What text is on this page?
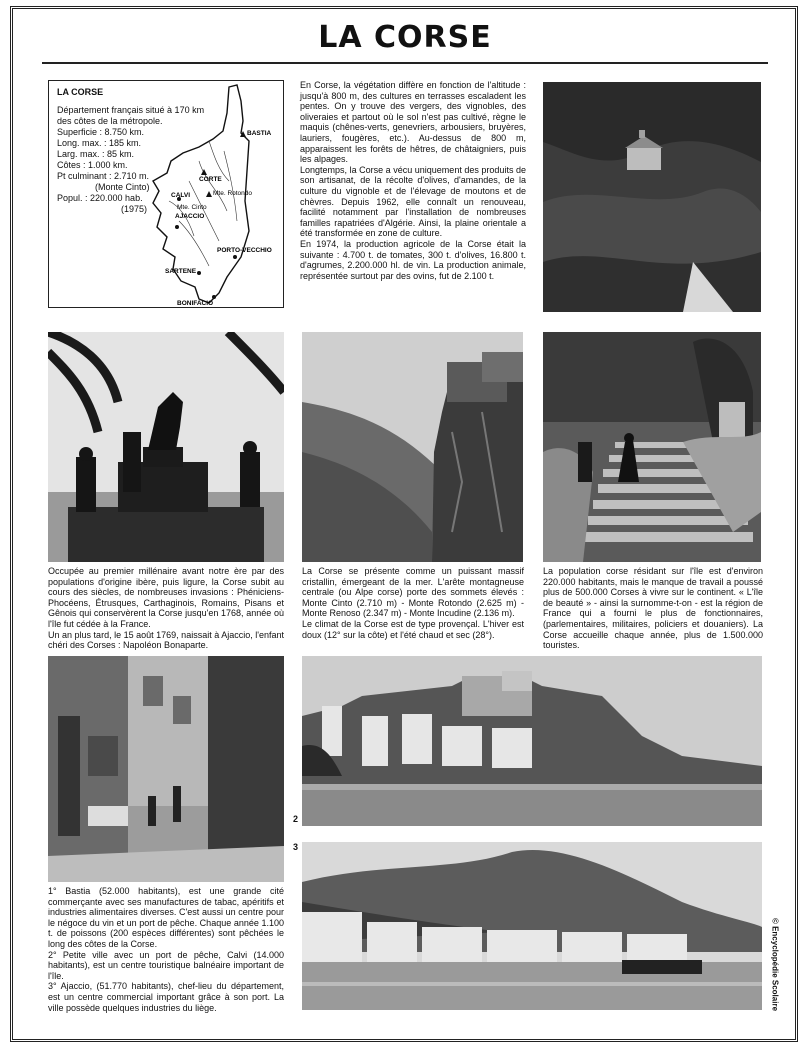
LA CORSE
BASTIA
CALVI
Mte. Cinto
CORTE
Mte. Rotondo
AJACCIO
PORTO-VECCHIO
SARTENE
BONIFACIO
LA CORSE
Département français situé à 170 km
des côtes de la métropole.
Superficie : 8.750 km.
Long. max. : 185 km.
Larg. max. : 85 km.
Côtes : 1.000 km.
Pt culminant : 2.710 m.
(Monte Cinto)
Popul. : 220.000 hab.
(1975)

En Corse, la végétation diffère en fonction de l'altitude : jusqu'à 800 m, des cultures en terrasses escaladent les pentes. On y trouve des vergers, des vignobles, des oliveraies et partout où le sol n'est pas cultivé, règne le maquis (chênes-verts, genevriers, arbousiers, bruyères, lauriers, fougères, etc.). Au-dessus de 800 m, apparaissent les forêts de hêtres, de châtaigniers, puis les alpages.

Longtemps, la Corse a vécu uniquement des produits de son artisanat, de la récolte d'olives, d'amandes, de la culture du vignoble et de l'élevage de moutons et de chèvres. Depuis 1962, elle connaît un renouveau, facilité notamment par l'installation de nombreuses familles rapatriées d'Algérie. Ainsi, la plaine orientale a été transformée en zone de culture.

En 1974, la production agricole de la Corse était la suivante : 4.700 t. de tomates, 300 t. d'olives, 16.800 t. d'agrumes, 2.200.000 hl. de vin. La production animale, représentée surtout par des ovins, fut de 2.100 t.

Occupée au premier millénaire avant notre ère par des populations d'origine ibère, puis ligure, la Corse subit au cours des siècles, de nombreuses invasions : Phéniciens-Phocéens, Étrusques, Carthaginois, Romains, Pisans et Gênois qui conservèrent la Corse jusqu'en 1768, année où l'île fut cédée à la France.

Un an plus tard, le 15 août 1769, naissait à Ajaccio, l'enfant chéri des Corses : Napoléon Bonaparte.

La Corse se présente comme un puissant massif cristallin, émergeant de la mer. L'arête montagneuse centrale (ou Alpe corse) porte des sommets élevés : Monte Cinto (2.710 m) - Monte Rotondo (2.625 m) - Monte Renoso (2.347 m) - Monte Incudine (2.136 m).

Le climat de la Corse est de type provençal. L'hiver est doux (12° sur la côte) et l'été chaud et sec (28°).

La population corse résidant sur l'île est d'environ 220.000 habitants, mais le manque de travail a poussé plus de 500.000 Corses à vivre sur le continent. « L'île de beauté » - ainsi la surnomme-t-on - est la région de France qui a fourni le plus de fonctionnaires, (parlementaires, militaires, policiers et douaniers). La Corse accueille chaque année, plus de 1.500.000 touristes.

2
3

1° Bastia (52.000 habitants), est une grande cité commerçante avec ses manufactures de tabac, apéritifs et industries alimentaires diverses. C'est aussi un centre pour le négoce du vin et un port de pêche. Chaque année 1.100 t. de poissons (200 espèces différentes) sont pêchées le long des côtes de la Corse.

2° Petite ville avec un port de pêche, Calvi (14.000 habitants), est un centre touristique balnéaire important de l'île.

3° Ajaccio, (51.770 habitants), chef-lieu du département, est un centre commercial important grâce à son port. La ville possède quelques industries du liège.	© Encyclopédie Scolaire
